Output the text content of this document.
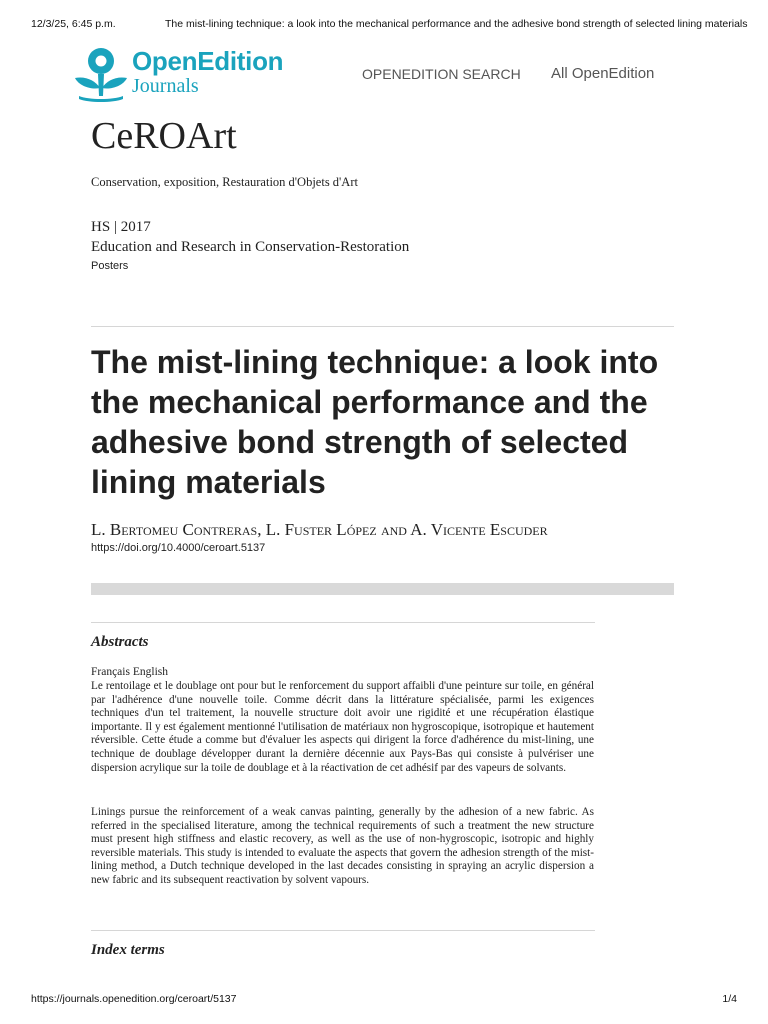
12/3/25, 6:45 p.m.	The mist-lining technique: a look into the mechanical performance and the adhesive bond strength of selected lining materials
OpenEdition
Journals
OPENEDITION SEARCH All OpenEdition
CeROArt
Conservation, exposition, Restauration d'Objets d'Art
HS | 2017
Education and Research in Conservation-Restoration
Posters
The mist-lining technique: a look into the mechanical performance and the adhesive bond strength of selected lining materials
L. Bertomeu Contreras, L. Fuster López and A. Vicente Escuder
https://doi.org/10.4000/ceroart.5137
Abstracts
Français English

Le rentoilage et le doublage ont pour but le renforcement du support affaibli d'une peinture sur toile, en général par l'adhérence d'une nouvelle toile. Comme décrit dans la littérature spécialisée, parmi les exigences techniques d'un tel traitement, la nouvelle structure doit avoir une rigidité et une récupération élastique importante. Il y est également mentionné l'utilisation de matériaux non hygroscopique, isotropique et hautement réversible. Cette étude a comme but d'évaluer les aspects qui dirigent la force d'adhérence du mist-lining, une technique de doublage développer durant la dernière décennie aux Pays-Bas qui consiste à pulvériser une dispersion acrylique sur la toile de doublage et à la réactivation de cet adhésif par des vapeurs de solvants.

Linings pursue the reinforcement of a weak canvas painting, generally by the adhesion of a new fabric. As referred in the specialised literature, among the technical requirements of such a treatment the new structure must present high stiffness and elastic recovery, as well as the use of non-hygroscopic, isotropic and highly reversible materials. This study is intended to evaluate the aspects that govern the adhesion strength of the mist-lining method, a Dutch technique developed in the last decades consisting in spraying an acrylic dispersion a new fabric and its subsequent reactivation by solvent vapours.

Index terms
https://journals.openedition.org/ceroart/5137	1/4
